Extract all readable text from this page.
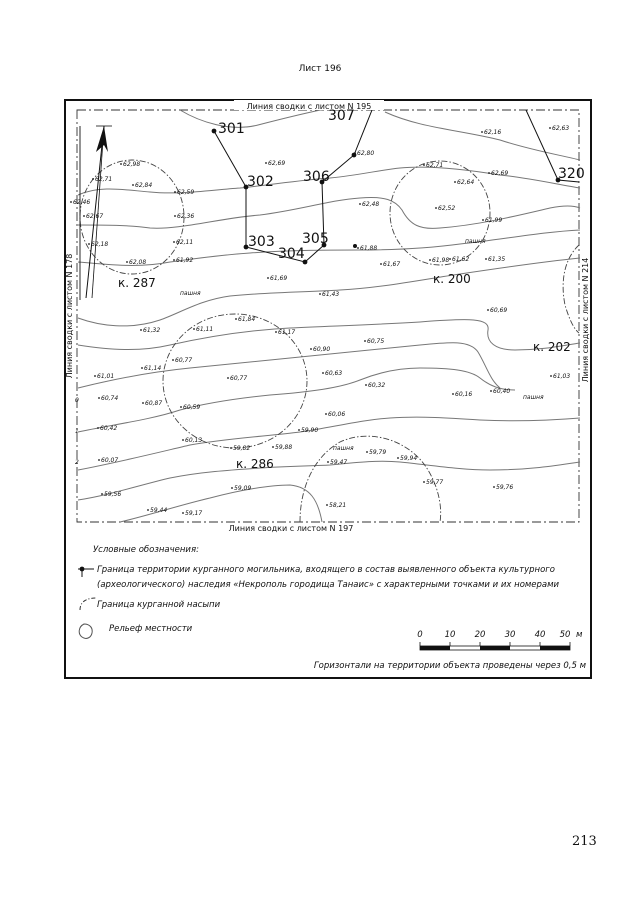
Лист 196
Линия сводки с листом N 195
Линия сводки с листом N 197
Линия сводки с листом N 178	Линия сводки с листом N 214
301
307
302 306
303 305
304
320
к. 287	к. 200
к. 202
к. 286
пашня
пашня
пашня
пашня
62,98
62,71
62,84
62,59
62,69
62,80
62,71
62,64
62,69
62,63
62,16
62,48
62,52
62,67	62,36
61,99
62,18	62,11
61,88
61,98
62,08	61,92
61,69
61,67
61,62	61,35
61,43
60,69
61,84
61,11	61,17
61,32
60,90
60,75
60,77
61,14
60,63
61,01	60,77
60,32
60,16	60,40
61,03
60,74
60,87
60,59
60,06
60,42	59,90
60,13
59,82	59,88
59,79
59,94
60,07	59,47
59,77
59,76
59,56
59,09
59,44	59,17
58,21
62,46
0
1
2
Условные обозначения:
Граница территории курганного могильника, входящего в состав выявленного объекта культурного
(археологического) наследия «Некрополь городища Танаис» с характерными точками и их номерами
Граница курганной насыпи
Рельеф местности
0	10 20 30 40 50 м
Горизонтали на территории объекта проведены через 0,5 м
213
